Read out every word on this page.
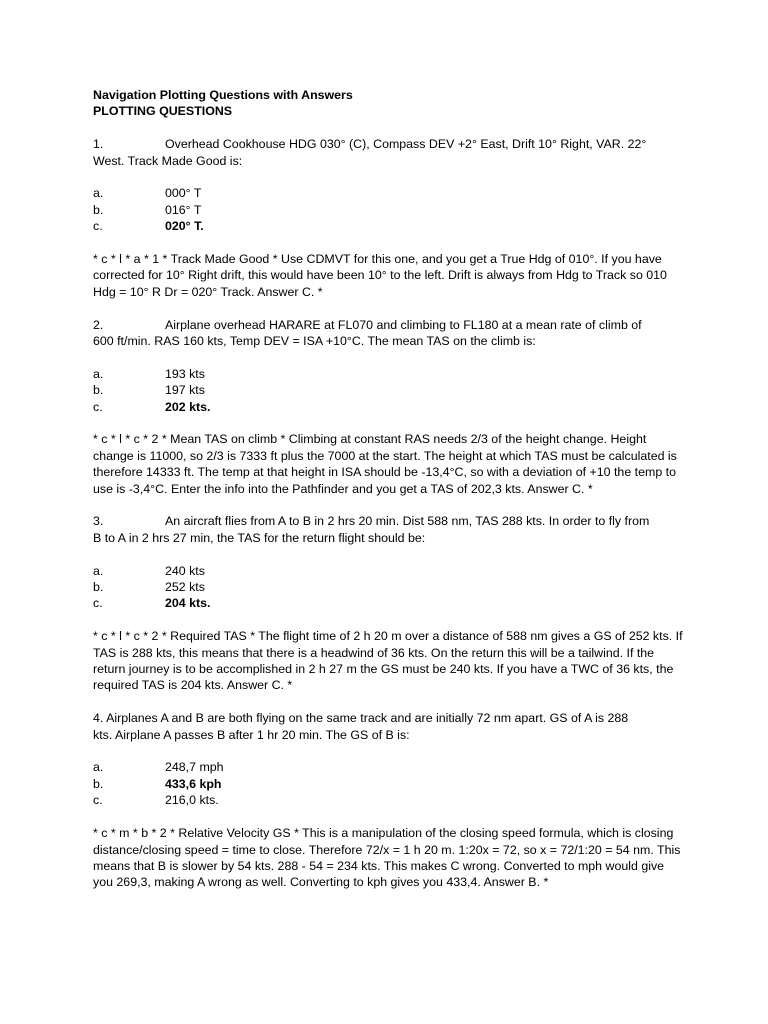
Navigation Plotting Questions with Answers

PLOTTING QUESTIONS

1.	Overhead Cookhouse HDG 030° (C), Compass DEV +2° East, Drift 10° Right, VAR. 22°

West. Track Made Good is:

a.	000° T
b.	016° T
c.	020° T.

* c * l * a * 1 * Track Made Good * Use CDMVT for this one, and you get a True Hdg of 010°. If you have corrected for 10° Right drift, this would have been 10° to the left. Drift is always from Hdg to Track so 010 Hdg = 10° R Dr = 020° Track. Answer C. *

2.	Airplane overhead HARARE at FL070 and climbing to FL180 at a mean rate of climb of

600 ft/min. RAS 160 kts, Temp DEV = ISA +10°C. The mean TAS on the climb is:

a.	193 kts
b.	197 kts
c.	202 kts.

* c * l * c * 2 * Mean TAS on climb * Climbing at constant RAS needs 2/3 of the height change. Height change is 11000, so 2/3 is 7333 ft plus the 7000 at the start. The height at which TAS must be calculated is therefore 14333 ft. The temp at that height in ISA should be -13,4°C, so with a deviation of +10 the temp to use is -3,4°C. Enter the info into the Pathfinder and you get a TAS of 202,3 kts. Answer C. *

3.	An aircraft flies from A to B in 2 hrs 20 min. Dist 588 nm, TAS 288 kts. In order to fly from

B to A in 2 hrs 27 min, the TAS for the return flight should be:

a.	240 kts
b.	252 kts
c.	204 kts.

* c * l * c * 2 * Required TAS * The flight time of 2 h 20 m over a distance of 588 nm gives a GS of 252 kts. If TAS is 288 kts, this means that there is a headwind of 36 kts. On the return this will be a tailwind. If the return journey is to be accomplished in 2 h 27 m the GS must be 240 kts. If you have a TWC of 36 kts, the required TAS is 204 kts. Answer C. *

4. Airplanes A and B are both flying on the same track and are initially 72 nm apart. GS of A is 288

kts. Airplane A passes B after 1 hr 20 min. The GS of B is:

a.	248,7 mph
b.	433,6 kph
c.	216,0 kts.

* c * m * b * 2 * Relative Velocity GS * This is a manipulation of the closing speed formula, which is closing distance/closing speed = time to close. Therefore 72/x = 1 h 20 m. 1:20x = 72, so x = 72/1:20 = 54 nm. This means that B is slower by 54 kts. 288 - 54 = 234 kts. This makes C wrong. Converted to mph would give you 269,3, making A wrong as well. Converting to kph gives you 433,4. Answer B. *
